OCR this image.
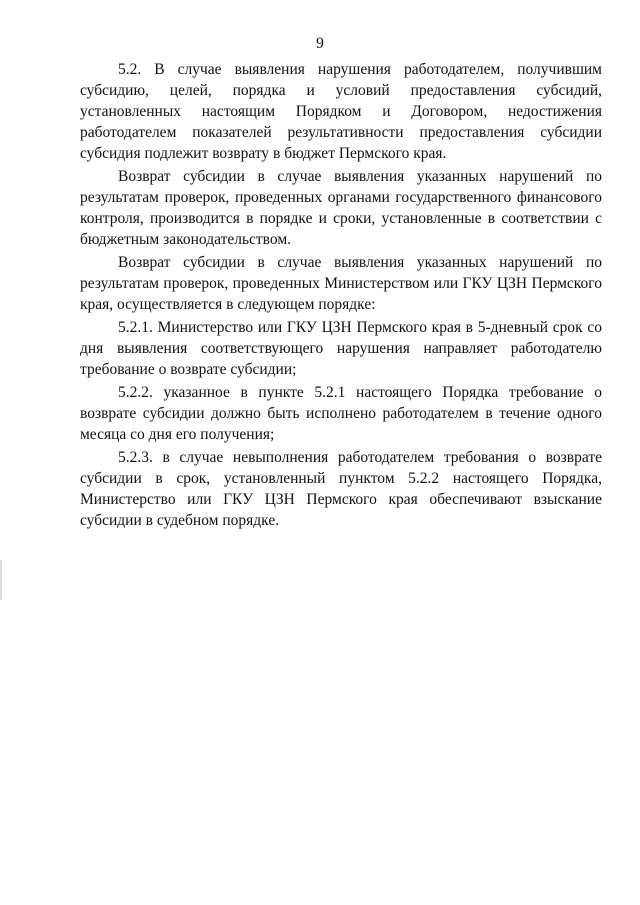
9

5.2. В случае выявления нарушения работодателем, получившим субсидию, целей, порядка и условий предоставления субсидий, установленных настоящим Порядком и Договором, недостижения работодателем показателей результативности предоставления субсидии субсидия подлежит возврату в бюджет Пермского края.

Возврат субсидии в случае выявления указанных нарушений по результатам проверок, проведенных органами государственного финансового контроля, производится в порядке и сроки, установленные в соответствии с бюджетным законодательством.

Возврат субсидии в случае выявления указанных нарушений по результатам проверок, проведенных Министерством или ГКУ ЦЗН Пермского края, осуществляется в следующем порядке:

5.2.1. Министерство или ГКУ ЦЗН Пермского края в 5-дневный срок со дня выявления соответствующего нарушения направляет работодателю требование о возврате субсидии;

5.2.2. указанное в пункте 5.2.1 настоящего Порядка требование о возврате субсидии должно быть исполнено работодателем в течение одного месяца со дня его получения;

5.2.3. в случае невыполнения работодателем требования о возврате субсидии в срок, установленный пунктом 5.2.2 настоящего Порядка, Министерство или ГКУ ЦЗН Пермского края обеспечивают взыскание субсидии в судебном порядке.
